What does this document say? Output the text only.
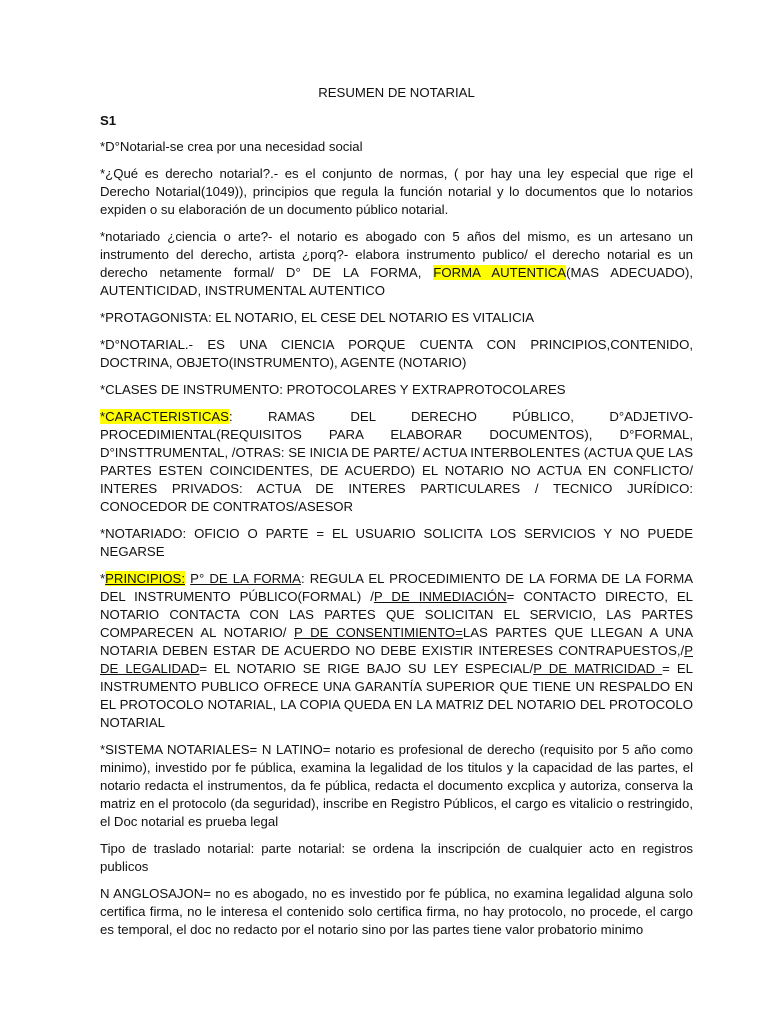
RESUMEN DE NOTARIAL

S1

*D°Notarial-se crea por una necesidad social

*¿Qué es derecho notarial?.- es el conjunto de normas, ( por hay una ley especial que rige el Derecho Notarial(1049)), principios que regula la función notarial y lo documentos que lo notarios expiden o su elaboración de un documento público notarial.

*notariado ¿ciencia o arte?- el notario es abogado con 5 años del mismo, es un artesano un instrumento del derecho, artista ¿porq?- elabora instrumento publico/ el derecho notarial es un derecho netamente formal/ D° DE LA FORMA, FORMA AUTENTICA(MAS ADECUADO), AUTENTICIDAD, INSTRUMENTAL AUTENTICO

*PROTAGONISTA: EL NOTARIO, EL CESE DEL NOTARIO ES VITALICIA

*D°NOTARIAL.- ES UNA CIENCIA PORQUE CUENTA CON PRINCIPIOS,CONTENIDO, DOCTRINA, OBJETO(INSTRUMENTO), AGENTE (NOTARIO)

*CLASES DE INSTRUMENTO: PROTOCOLARES Y EXTRAPROTOCOLARES

*CARACTERISTICAS: RAMAS DEL DERECHO PÚBLICO, D°ADJETIVO-PROCEDIMIENTAL(REQUISITOS PARA ELABORAR DOCUMENTOS), D°FORMAL, D°INSTTRUMENTAL, /OTRAS: SE INICIA DE PARTE/ ACTUA INTERBOLENTES (ACTUA QUE LAS PARTES ESTEN COINCIDENTES, DE ACUERDO) EL NOTARIO NO ACTUA EN CONFLICTO/ INTERES PRIVADOS: ACTUA DE INTERES PARTICULARES / TECNICO JURÍDICO: CONOCEDOR DE CONTRATOS/ASESOR

*NOTARIADO: OFICIO O PARTE = EL USUARIO SOLICITA LOS SERVICIOS Y NO PUEDE NEGARSE

*PRINCIPIOS: P° DE LA FORMA: REGULA EL PROCEDIMIENTO DE LA FORMA DE LA FORMA DEL INSTRUMENTO PÚBLICO(FORMAL) /P DE INMEDIACIÓN= CONTACTO DIRECTO, EL NOTARIO CONTACTA CON LAS PARTES QUE SOLICITAN EL SERVICIO, LAS PARTES COMPARECEN AL NOTARIO/ P DE CONSENTIMIENTO=LAS PARTES QUE LLEGAN A UNA NOTARIA DEBEN ESTAR DE ACUERDO NO DEBE EXISTIR INTERESES CONTRAPUESTOS,/P DE LEGALIDAD= EL NOTARIO SE RIGE BAJO SU LEY ESPECIAL/P DE MATRICIDAD = EL INSTRUMENTO PUBLICO OFRECE UNA GARANTÍA SUPERIOR QUE TIENE UN RESPALDO EN EL PROTOCOLO NOTARIAL, LA COPIA QUEDA EN LA MATRIZ DEL NOTARIO DEL PROTOCOLO NOTARIAL

*SISTEMA NOTARIALES= N LATINO= notario es profesional de derecho (requisito por 5 año como minimo), investido por fe pública, examina la legalidad de los titulos y la capacidad de las partes, el notario redacta el instrumentos, da fe pública, redacta el documento excplica y autoriza, conserva la matriz en el protocolo (da seguridad), inscribe en Registro Públicos, el cargo es vitalicio o restringido, el Doc notarial es prueba legal

Tipo de traslado notarial: parte notarial: se ordena la inscripción de cualquier acto en registros publicos

N ANGLOSAJON= no es abogado, no es investido por fe pública, no examina legalidad alguna solo certifica firma, no le interesa el contenido solo certifica firma, no hay protocolo, no procede, el cargo es temporal, el doc no redacto por el notario sino por las partes tiene valor probatorio minimo
